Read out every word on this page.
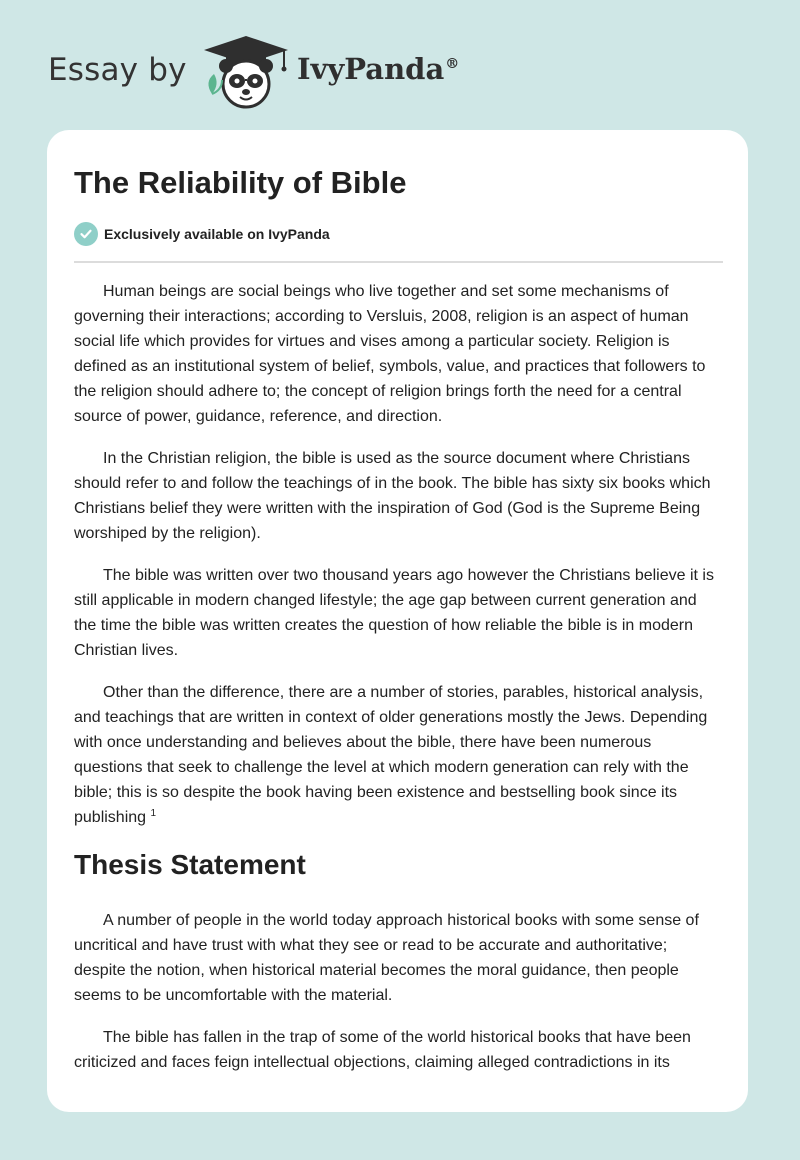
Essay by	IvyPanda®
The Reliability of Bible
Exclusively available on IvyPanda

Human beings are social beings who live together and set some mechanisms of governing their interactions; according to Versluis, 2008, religion is an aspect of human social life which provides for virtues and vises among a particular society. Religion is defined as an institutional system of belief, symbols, value, and practices that followers to the religion should adhere to; the concept of religion brings forth the need for a central source of power, guidance, reference, and direction.

In the Christian religion, the bible is used as the source document where Christians should refer to and follow the teachings of in the book. The bible has sixty six books which Christians belief they were written with the inspiration of God (God is the Supreme Being worshiped by the religion).

The bible was written over two thousand years ago however the Christians believe it is still applicable in modern changed lifestyle; the age gap between current generation and the time the bible was written creates the question of how reliable the bible is in modern Christian lives.

Other than the difference, there are a number of stories, parables, historical analysis, and teachings that are written in context of older generations mostly the Jews. Depending with once understanding and believes about the bible, there have been numerous questions that seek to challenge the level at which modern generation can rely with the bible; this is so despite the book having been existence and bestselling book since its publishing $^1$

Thesis Statement

A number of people in the world today approach historical books with some sense of uncritical and have trust with what they see or read to be accurate and authoritative; despite the notion, when historical material becomes the moral guidance, then people seems to be uncomfortable with the material.

The bible has fallen in the trap of some of the world historical books that have been criticized and faces feign intellectual objections, claiming alleged contradictions in its
